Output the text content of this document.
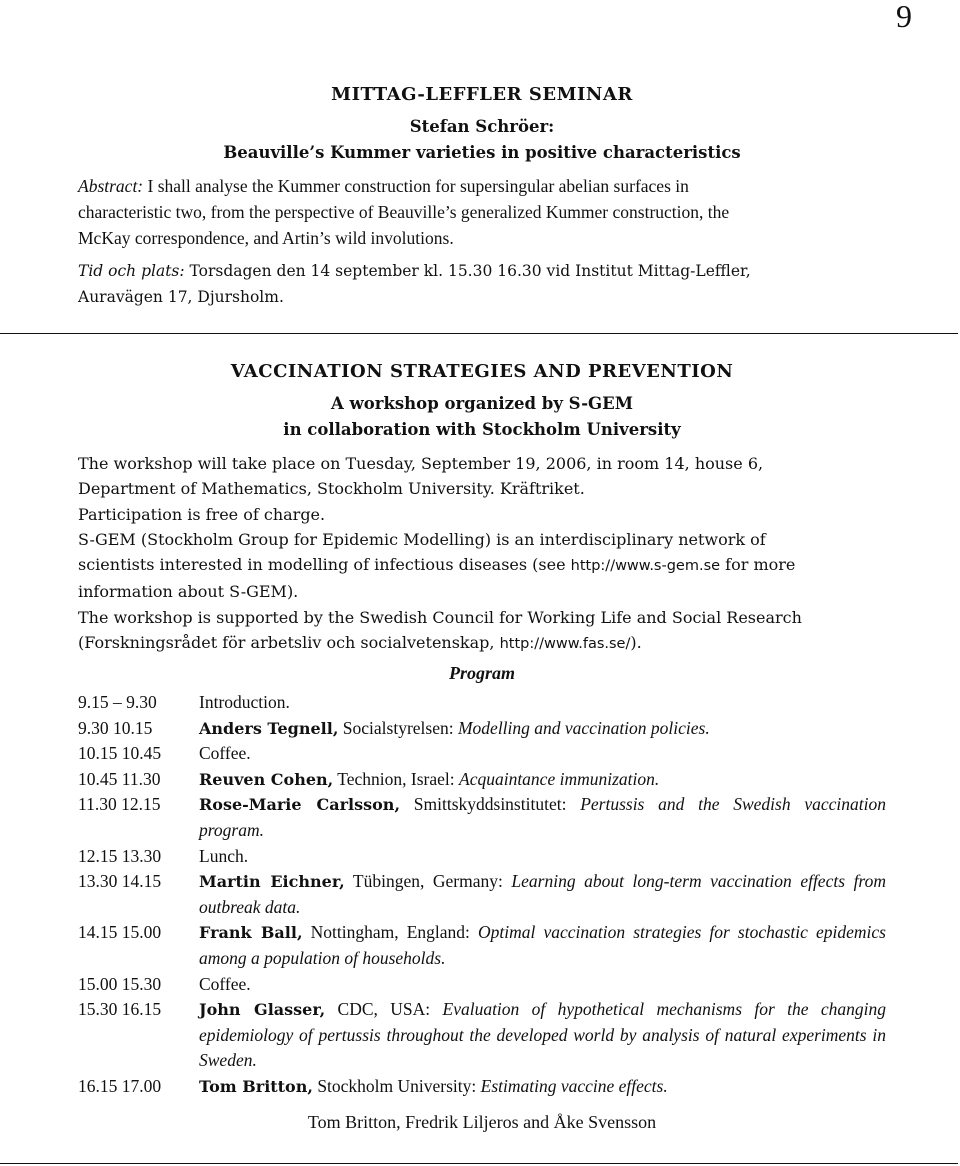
9
MITTAG-LEFFLER SEMINAR
Stefan Schröer:
Beauville’s Kummer varieties in positive characteristics
Abstract: I shall analyse the Kummer construction for supersingular abelian surfaces in
characteristic two, from the perspective of Beauville’s generalized Kummer construction, the
McKay correspondence, and Artin’s wild involutions.
Tid och plats: Torsdagen den 14 september kl. 15.30 16.30 vid Institut Mittag-Leffler,
Auravägen 17, Djursholm.
VACCINATION STRATEGIES AND PREVENTION
A workshop organized by S-GEM
in collaboration with Stockholm University
The workshop will take place on Tuesday, September 19, 2006, in room 14, house 6,
Department of Mathematics, Stockholm University. Kräftriket.
Participation is free of charge.
S-GEM (Stockholm Group for Epidemic Modelling) is an interdisciplinary network of
scientists interested in modelling of infectious diseases (see http://www.s-gem.se for more
information about S-GEM).
The workshop is supported by the Swedish Council for Working Life and Social Research
(Forskningsrådet för arbetsliv och socialvetenskap, http://www.fas.se/).
Program
9.15 – 9.30	Introduction.
9.30 10.15	Anders Tegnell, Socialstyrelsen: Modelling and vaccination policies.
10.15 10.45	Coffee.
10.45 11.30	Reuven Cohen, Technion, Israel: Acquaintance immunization.
11.30 12.15	Rose-Marie Carlsson, Smittskyddsinstitutet: Pertussis and the Swedish vaccination program.
12.15 13.30	Lunch.
13.30 14.15	Martin Eichner, Tübingen, Germany: Learning about long-term vaccination effects from outbreak data.
14.15 15.00	Frank Ball, Nottingham, England: Optimal vaccination strategies for stochastic epidemics among a population of households.
15.00 15.30	Coffee.
15.30 16.15	John Glasser, CDC, USA: Evaluation of hypothetical mechanisms for the changing epidemiology of pertussis throughout the developed world by analysis of natural experiments in Sweden.
16.15 17.00	Tom Britton, Stockholm University: Estimating vaccine effects.
Tom Britton, Fredrik Liljeros and Åke Svensson
